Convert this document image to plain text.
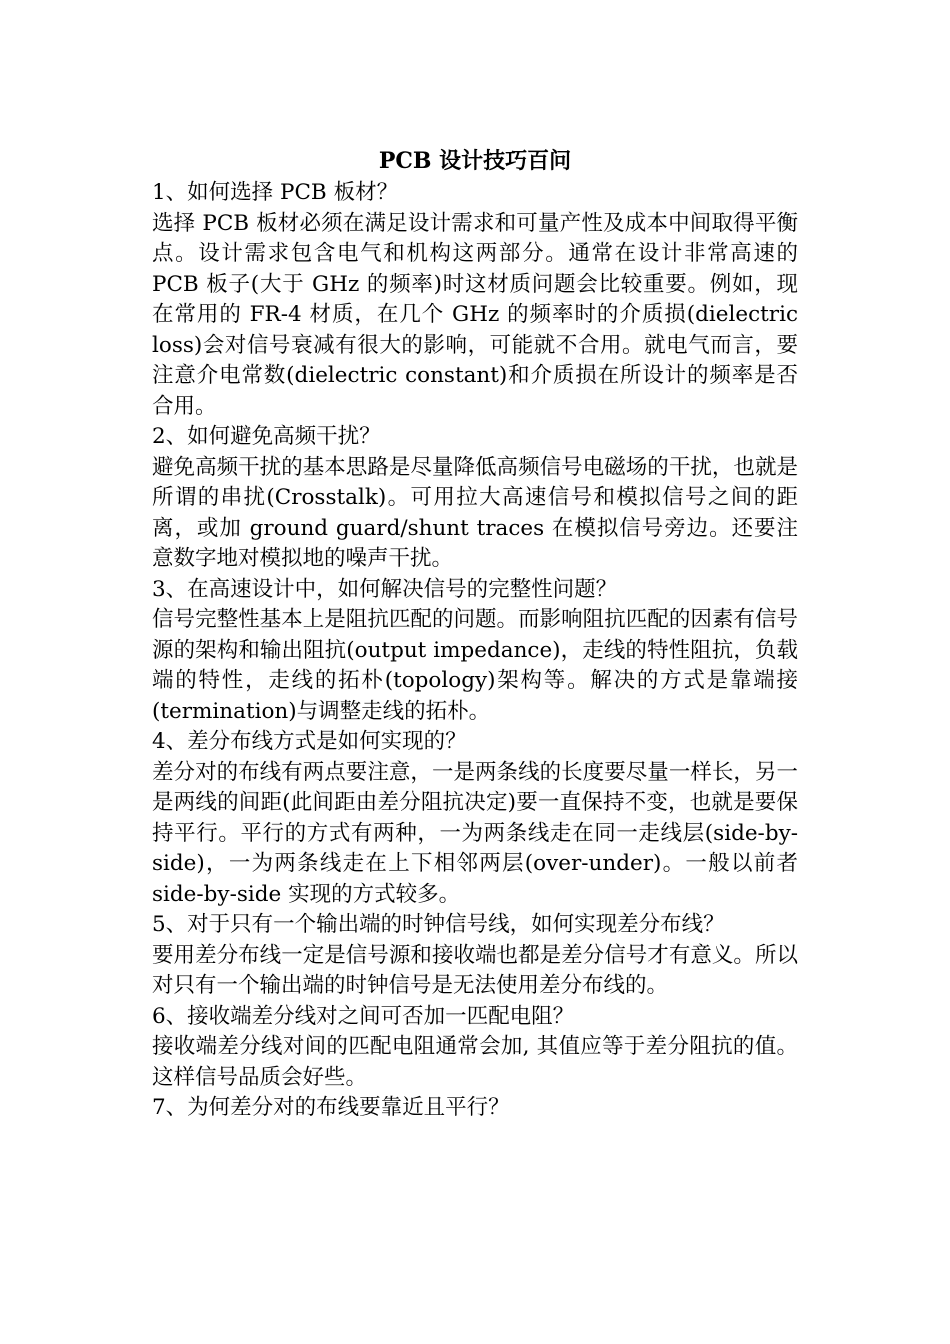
PCB 设计技巧百问

1、如何选择 PCB 板材？

选择 PCB 板材必须在满足设计需求和可量产性及成本中间取得平衡点。设计需求包含电气和机构这两部分。通常在设计非常高速的 PCB 板子(大于 GHz 的频率)时这材质问题会比较重要。例如，现在常用的 FR-4 材质，在几个 GHz 的频率时的介质损(dielectric loss)会对信号衰减有很大的影响，可能就不合用。就电气而言，要注意介电常数(dielectric constant)和介质损在所设计的频率是否合用。

2、如何避免高频干扰？

避免高频干扰的基本思路是尽量降低高频信号电磁场的干扰，也就是所谓的串扰(Crosstalk)。可用拉大高速信号和模拟信号之间的距离，或加 ground guard/shunt traces 在模拟信号旁边。还要注意数字地对模拟地的噪声干扰。

3、在高速设计中，如何解决信号的完整性问题？

信号完整性基本上是阻抗匹配的问题。而影响阻抗匹配的因素有信号源的架构和输出阻抗(output impedance)，走线的特性阻抗，负载端的特性，走线的拓朴(topology)架构等。解决的方式是靠端接(termination)与调整走线的拓朴。

4、差分布线方式是如何实现的？

差分对的布线有两点要注意，一是两条线的长度要尽量一样长，另一是两线的间距(此间距由差分阻抗决定)要一直保持不变，也就是要保持平行。平行的方式有两种，一为两条线走在同一走线层(side-by-side)，一为两条线走在上下相邻两层(over-under)。一般以前者 side-by-side 实现的方式较多。

5、对于只有一个输出端的时钟信号线，如何实现差分布线？

要用差分布线一定是信号源和接收端也都是差分信号才有意义。所以对只有一个输出端的时钟信号是无法使用差分布线的。

6、接收端差分线对之间可否加一匹配电阻？

接收端差分线对间的匹配电阻通常会加, 其值应等于差分阻抗的值。这样信号品质会好些。

7、为何差分对的布线要靠近且平行？
